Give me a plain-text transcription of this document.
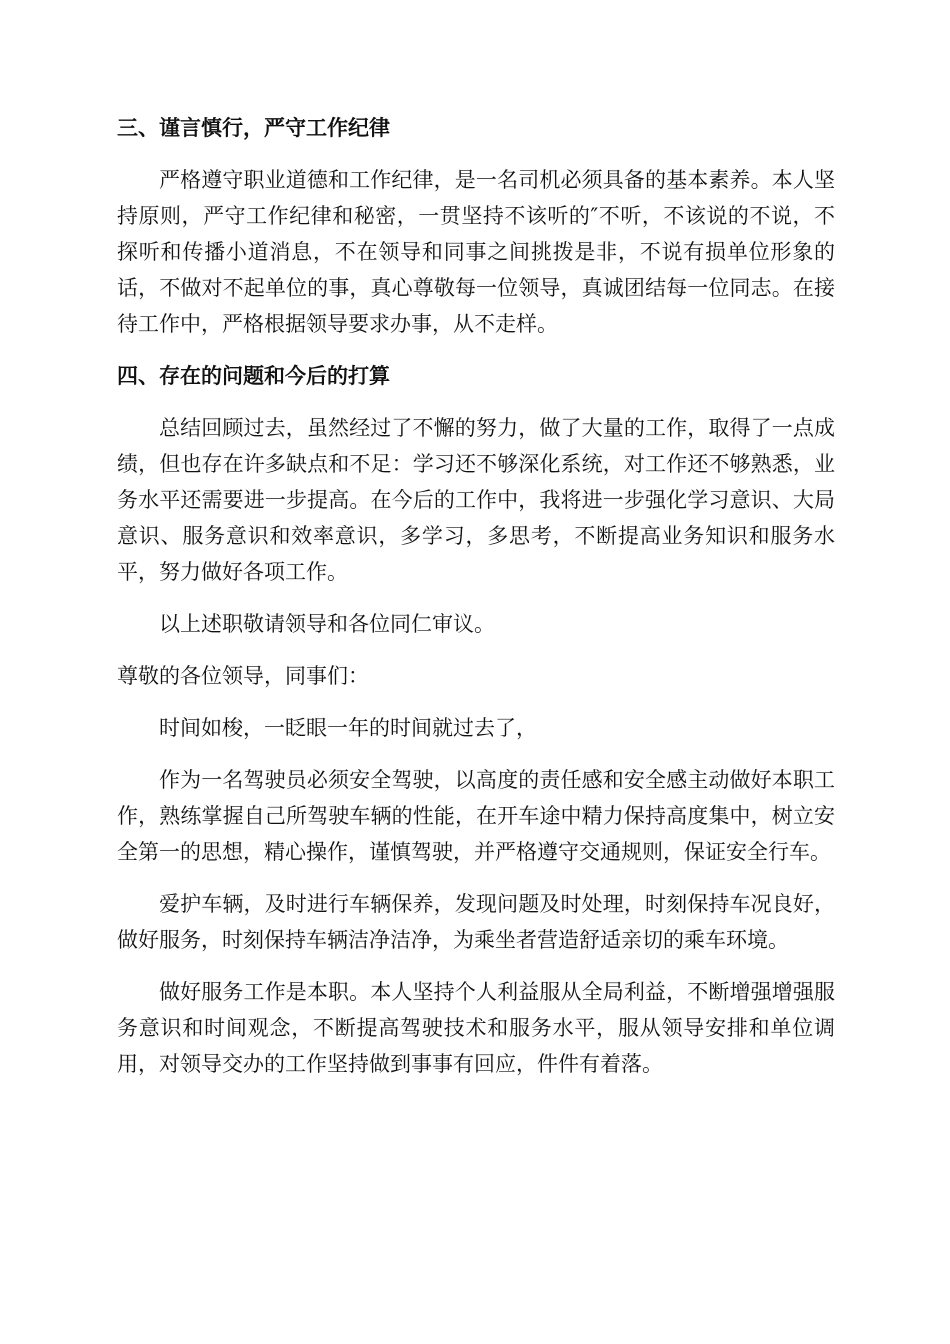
三、谨言慎行，严守工作纪律

严格遵守职业道德和工作纪律，是一名司机必须具备的基本素养。本人坚持原则，严守工作纪律和秘密，一贯坚持不该听的″不听，不该说的不说，不探听和传播小道消息，不在领导和同事之间挑拨是非，不说有损单位形象的话，不做对不起单位的事，真心尊敬每一位领导，真诚团结每一位同志。在接待工作中，严格根据领导要求办事，从不走样。

四、存在的问题和今后的打算

总结回顾过去，虽然经过了不懈的努力，做了大量的工作，取得了一点成绩，但也存在许多缺点和不足：学习还不够深化系统，对工作还不够熟悉，业务水平还需要进一步提高。在今后的工作中，我将进一步强化学习意识、大局意识、服务意识和效率意识，多学习，多思考，不断提高业务知识和服务水平，努力做好各项工作。

以上述职敬请领导和各位同仁审议。

尊敬的各位领导，同事们：

时间如梭，一眨眼一年的时间就过去了，

作为一名驾驶员必须安全驾驶，以高度的责任感和安全感主动做好本职工作，熟练掌握自己所驾驶车辆的性能，在开车途中精力保持高度集中，树立安全第一的思想，精心操作，谨慎驾驶，并严格遵守交通规则，保证安全行车。

爱护车辆，及时进行车辆保养，发现问题及时处理，时刻保持车况良好，做好服务，时刻保持车辆洁净洁净，为乘坐者营造舒适亲切的乘车环境。

做好服务工作是本职。本人坚持个人利益服从全局利益，不断增强增强服务意识和时间观念，不断提高驾驶技术和服务水平，服从领导安排和单位调用，对领导交办的工作坚持做到事事有回应，件件有着落。
